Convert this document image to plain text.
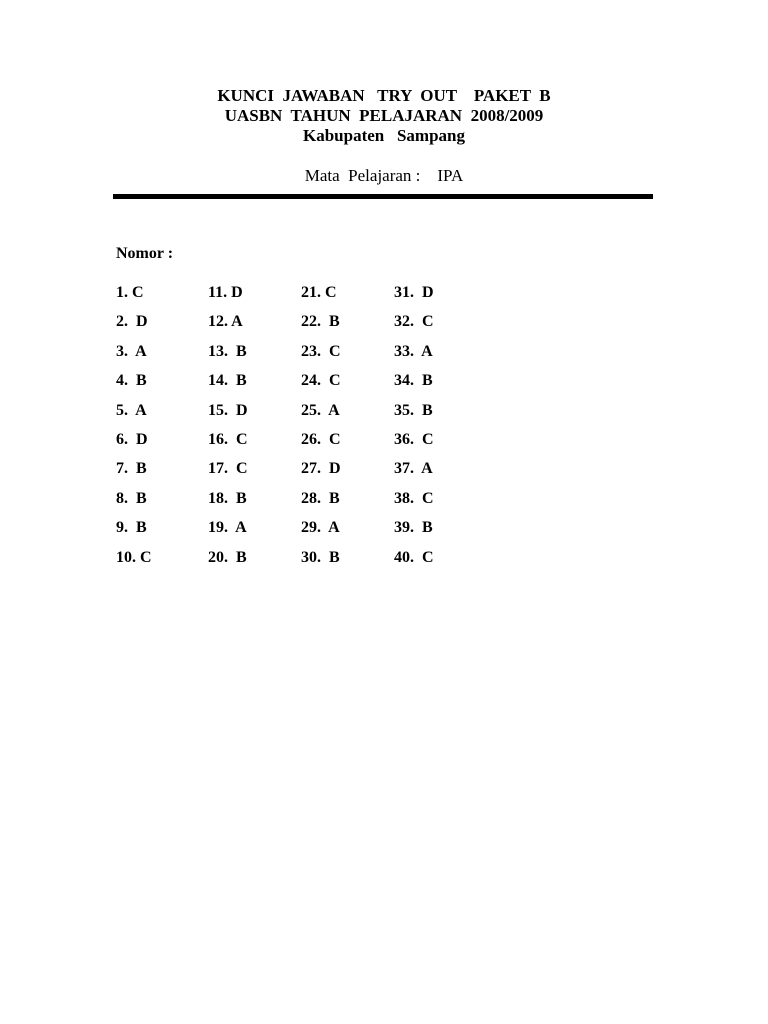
KUNCI  JAWABAN   TRY  OUT    PAKET  B
UASBN  TAHUN  PELAJARAN  2008/2009
Kabupaten   Sampang
Mata  Pelajaran :    IPA
Nomor :
1. C
2.  D
3.  A
4.  B
5.  A
6.  D
7.  B
8.  B
9.  B
10. C
11. D
12. A
13.  B
14.  B
15.  D
16.  C
17.  C
18.  B
19.  A
20.  B
21. C
22.  B
23.  C
24.  C
25.  A
26.  C
27.  D
28.  B
29.  A
30.  B
31.  D
32.  C
33.  A
34.  B
35.  B
36.  C
37.  A
38.  C
39.  B
40.  C
